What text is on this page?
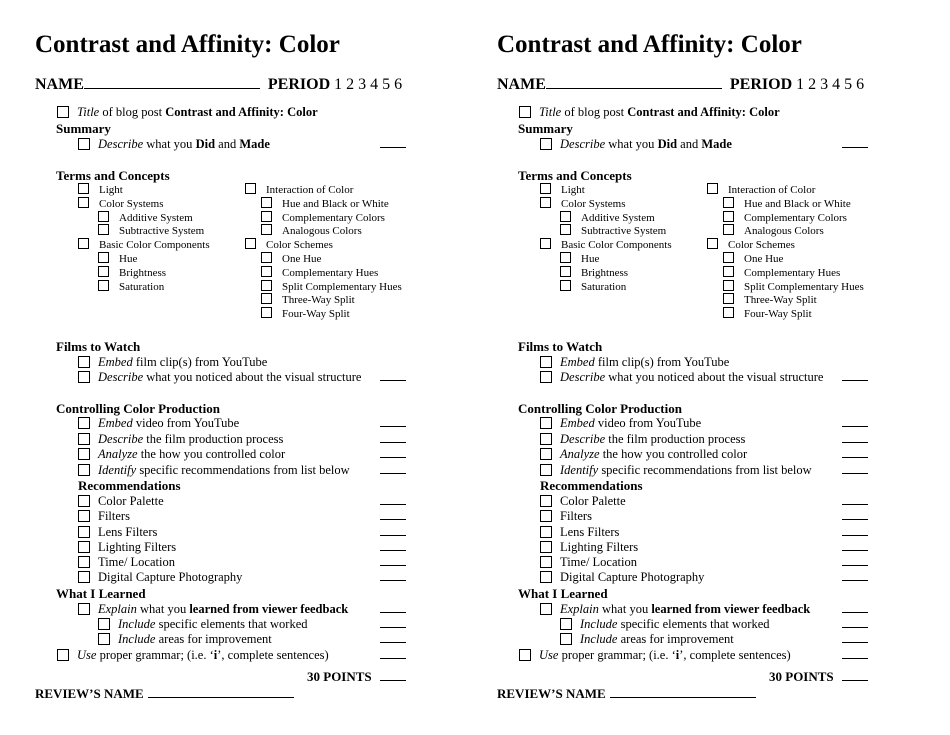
Contrast and Affinity: Color
NAME	PERIOD 1 2 3 4 5 6
Title of blog post Contrast and Affinity: Color
Summary
Describe what you Did and Made
Terms and Concepts
Films to Watch
Controlling Color Production
Recommendations
What I Learned
Explain what you learned from viewer feedback
Use proper grammar; (i.e. ‘i’, complete sentences)
30 POINTS
REVIEW’S NAME
Light
Color Systems
Additive System
Subtractive System
Basic Color Components
Hue
Brightness
Saturation
Interaction of Color
Hue and Black or White
Complementary Colors
Analogous Colors
Color Schemes
One Hue
Complementary Hues
Split Complementary Hues
Three-Way Split
Four-Way Split
Embed film clip(s) from YouTube
Describe what you noticed about the visual structure
Embed video from YouTube
Describe the film production process
Analyze the how you controlled color
Identify specific recommendations from list below
Color Palette
Filters
Lens Filters
Lighting Filters
Time/ Location
Digital Capture Photography
Include specific elements that worked
Include areas for improvement
Contrast and Affinity: Color
NAME	PERIOD 1 2 3 4 5 6
Title of blog post Contrast and Affinity: Color
Summary
Describe what you Did and Made
Terms and Concepts
Films to Watch
Controlling Color Production
Recommendations
What I Learned
Explain what you learned from viewer feedback
Use proper grammar; (i.e. ‘i’, complete sentences)
30 POINTS
REVIEW’S NAME
Light
Color Systems
Additive System
Subtractive System
Basic Color Components
Hue
Brightness
Saturation
Interaction of Color
Hue and Black or White
Complementary Colors
Analogous Colors
Color Schemes
One Hue
Complementary Hues
Split Complementary Hues
Three-Way Split
Four-Way Split
Embed film clip(s) from YouTube
Describe what you noticed about the visual structure
Embed video from YouTube
Describe the film production process
Analyze the how you controlled color
Identify specific recommendations from list below
Color Palette
Filters
Lens Filters
Lighting Filters
Time/ Location
Digital Capture Photography
Include specific elements that worked
Include areas for improvement
